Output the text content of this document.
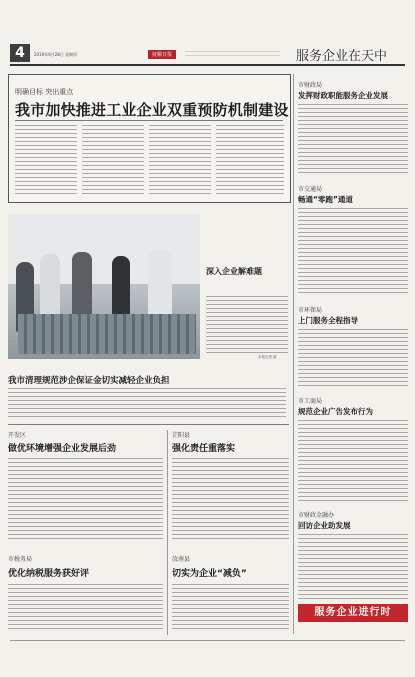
4	2019年9月28日 星期四	抚顺日报	服务企业在天中
明确目标 突出重点
我市加快推进工业企业双重预防机制建设
深入企业解难题
本报记者 摄
我市清理规范涉企保证金切实减轻企业负担
开发区
做优环境增强企业发展后劲
市税务局
优化纳税服务获好评
芷阳县
强化责任重落实
汝南县
切实为企业“减负”
市财政局
发挥财政职能服务企业发展
市交通局
畅通“零跑”通道
市环保局
上门服务全程指导
市工商局
规范企业广告发布行为
市财政金融办
回访企业助发展
服务企业进行时
